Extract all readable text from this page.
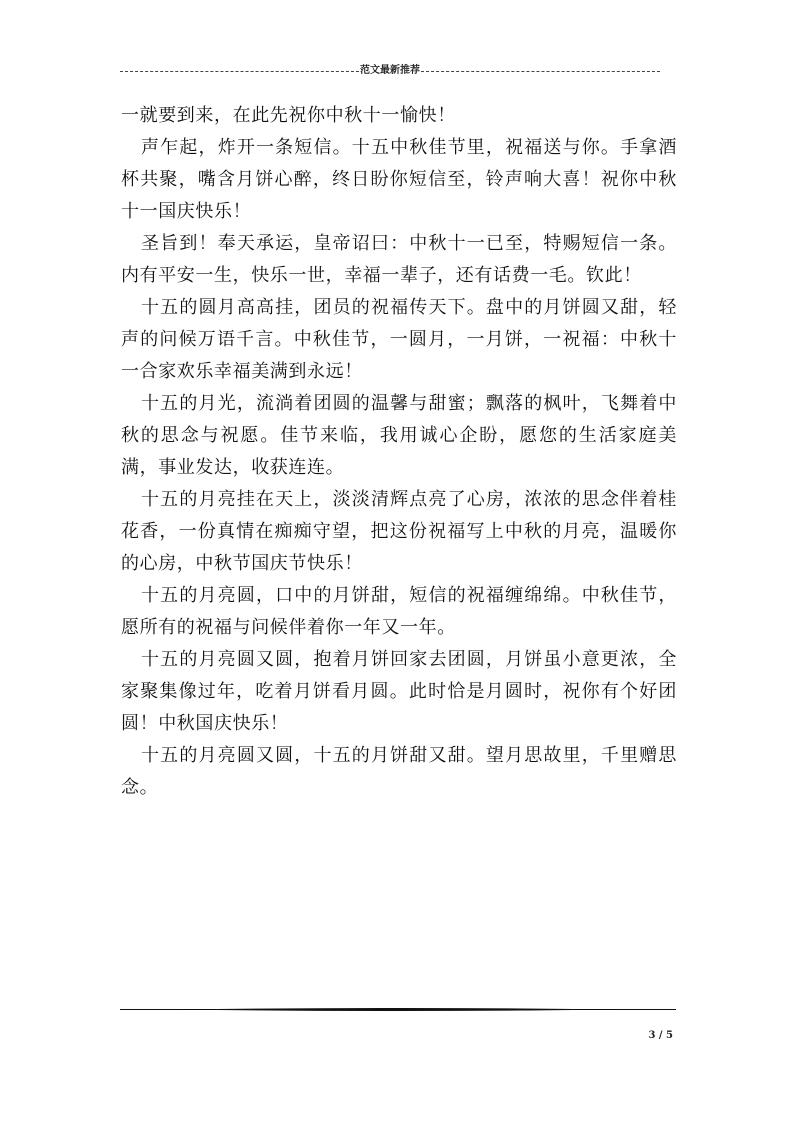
范文最新推荐

一就要到来，在此先祝你中秋十一愉快！

声乍起，炸开一条短信。十五中秋佳节里，祝福送与你。手拿酒杯共聚，嘴含月饼心醉，终日盼你短信至，铃声响大喜！祝你中秋十一国庆快乐！

圣旨到！奉天承运，皇帝诏曰：中秋十一已至，特赐短信一条。内有平安一生，快乐一世，幸福一辈子，还有话费一毛。钦此！

十五的圆月高高挂，团员的祝福传天下。盘中的月饼圆又甜，轻声的问候万语千言。中秋佳节，一圆月，一月饼，一祝福：中秋十一合家欢乐幸福美满到永远！

十五的月光，流淌着团圆的温馨与甜蜜；飘落的枫叶，飞舞着中秋的思念与祝愿。佳节来临，我用诚心企盼，愿您的生活家庭美满，事业发达，收获连连。

十五的月亮挂在天上，淡淡清辉点亮了心房，浓浓的思念伴着桂花香，一份真情在痴痴守望，把这份祝福写上中秋的月亮，温暖你的心房，中秋节国庆节快乐！

十五的月亮圆，口中的月饼甜，短信的祝福缠绵绵。中秋佳节，愿所有的祝福与问候伴着你一年又一年。

十五的月亮圆又圆，抱着月饼回家去团圆，月饼虽小意更浓，全家聚集像过年，吃着月饼看月圆。此时恰是月圆时，祝你有个好团圆！中秋国庆快乐！

十五的月亮圆又圆，十五的月饼甜又甜。望月思故里，千里赠思念。

3 / 5
